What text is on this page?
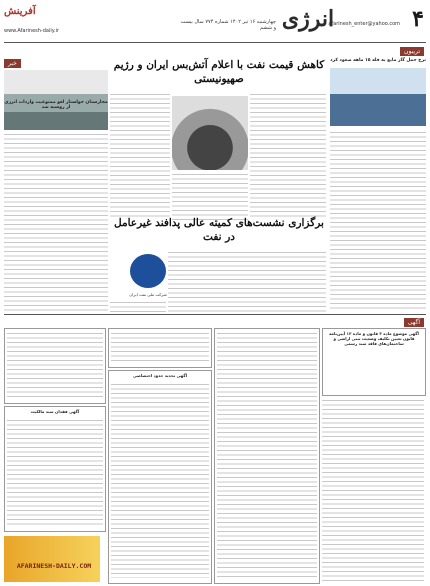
۴
انرژی
آفرینش
www.Afarinesh-daily.ir
afarinesh_enter@yahoo.com
چهارشنبه ۱۶ تیر ۱۴۰۲ شماره ۷۷۴ سال بیست و ششم
تریبون
خبر	نرخ حمل گاز مایع به قله ۱۵ ماهه صعود کرد
کاهش قیمت نفت با اعلام آتش‌بس ایران و رژیم صهیونیستی
مجارستان خواستار لغو ممنوعیت واردات انرژی از روسیه شد
برگزاری نشست‌های کمیته عالی پدافند غیرعامل در نفت
شرکت ملی نفت ایران
آگهی
آگهی موضوع ماده ۳ قانون و ماده ۱۳ آیین‌نامه قانون تعیین تکلیف وضعیت ثبتی اراضی و ساختمان‌های فاقد سند رسمی
آگهی تحدید حدود اختصاصی
آگهی فقدان سند مالکیت
AFARINESH-DAILY.COM
